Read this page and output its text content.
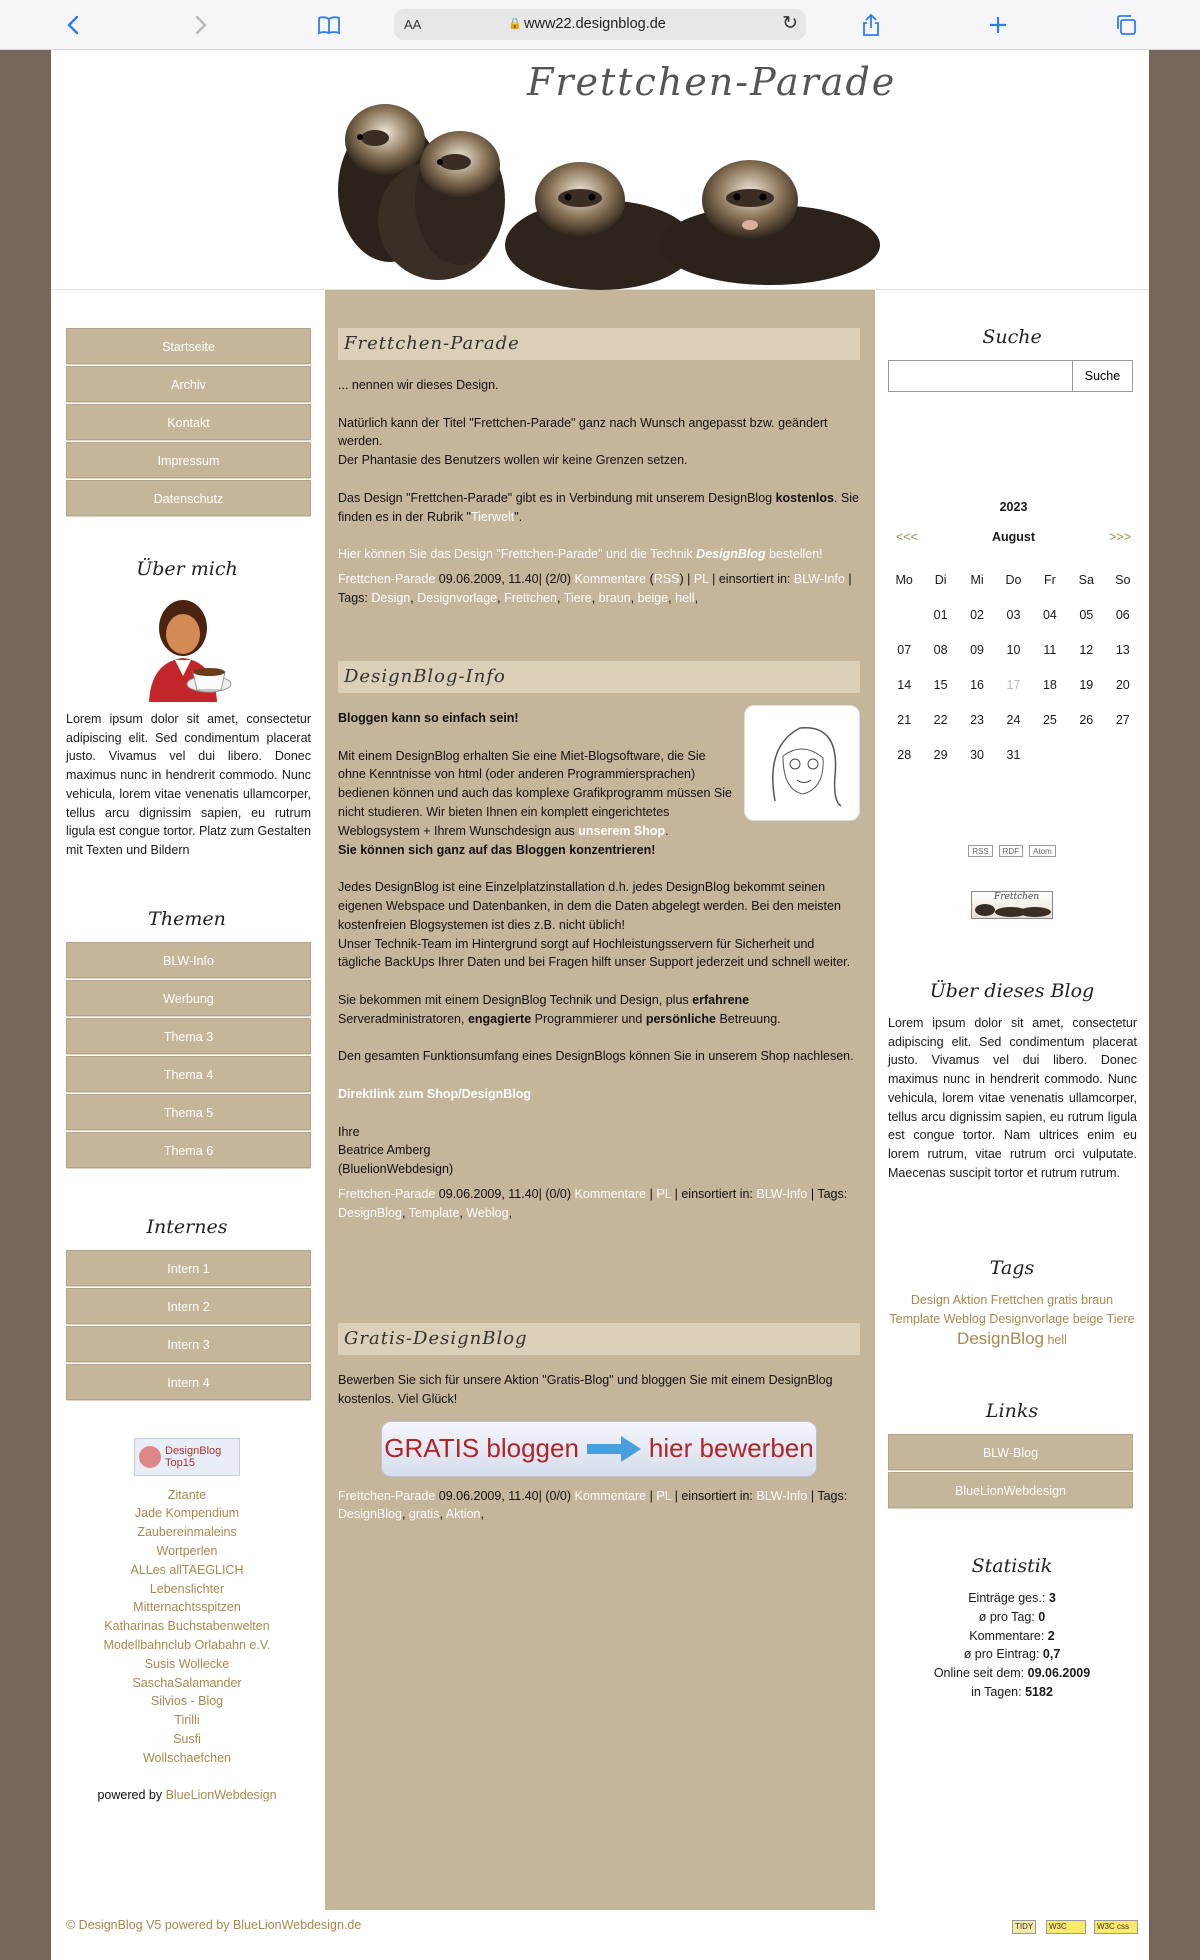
AA	🔒 www22.designblog.de	↻
Frettchen-Parade
Startseite
Archiv
Kontakt
Impressum
Datenschutz
Über mich
Lorem ipsum dolor sit amet, consectetur adipiscing elit. Sed condimentum placerat justo. Vivamus vel dui libero. Donec maximus nunc in hendrerit commodo. Nunc vehicula, lorem vitae venenatis ullamcorper, tellus arcu dignissim sapien, eu rutrum ligula est congue tortor. Platz zum Gestalten mit Texten und Bildern
Themen
BLW-Info
Werbung
Thema 3
Thema 4
Thema 5
Thema 6
Internes
Intern 1
Intern 2
Intern 3
Intern 4
DesignBlog Top15
Zitante
Jade Kompendium
Zaubereinmaleins
Wortperlen
ALLes allTAEGLICH
Lebenslichter
Mitternachtsspitzen
Katharinas Buchstabenwelten
Modellbahnclub Orlabahn e.V.
Susis Wollecke
SaschaSalamander
Silvios - Blog
Tirilli
Susfi
Wollschaefchen
powered by BlueLionWebdesign
Frettchen-Parade

... nennen wir dieses Design.

Natürlich kann der Titel "Frettchen-Parade" ganz nach Wunsch angepasst bzw. geändert werden.
Der Phantasie des Benutzers wollen wir keine Grenzen setzen.

Das Design "Frettchen-Parade" gibt es in Verbindung mit unserem DesignBlog kostenlos. Sie finden es in der Rubrik "Tierwelt".

Hier können Sie das Design "Frettchen-Parade" und die Technik DesignBlog bestellen!
Frettchen-Parade 09.06.2009, 11.40| (2/0) Kommentare (RSS) | PL | einsortiert in: BLW-Info | Tags: Design, Designvorlage, Frettchen, Tiere, braun, beige, hell,
DesignBlog-Info

Bloggen kann so einfach sein!

Mit einem DesignBlog erhalten Sie eine Miet-Blogsoftware, die Sie ohne Kenntnisse von html (oder anderen Programmiersprachen) bedienen können und auch das komplexe Grafikprogramm müssen Sie nicht studieren. Wir bieten Ihnen ein komplett eingerichtetes Weblogsystem + Ihrem Wunschdesign aus unserem Shop.
Sie können sich ganz auf das Bloggen konzentrieren!

Jedes DesignBlog ist eine Einzelplatzinstallation d.h. jedes DesignBlog bekommt seinen eigenen Webspace und Datenbanken, in dem die Daten abgelegt werden. Bei den meisten kostenfreien Blogsystemen ist dies z.B. nicht üblich!
Unser Technik-Team im Hintergrund sorgt auf Hochleistungsservern für Sicherheit und tägliche BackUps Ihrer Daten und bei Fragen hilft unser Support jederzeit und schnell weiter.

Sie bekommen mit einem DesignBlog Technik und Design, plus erfahrene Serveradministratoren, engagierte Programmierer und persönliche Betreuung.

Den gesamten Funktionsumfang eines DesignBlogs können Sie in unserem Shop nachlesen.

Direktlink zum Shop/DesignBlog

Ihre
Beatrice Amberg
(BluelionWebdesign)
Frettchen-Parade 09.06.2009, 11.40| (0/0) Kommentare | PL | einsortiert in: BLW-Info | Tags: DesignBlog, Template, Weblog,
Gratis-DesignBlog

Bewerben Sie sich für unsere Aktion "Gratis-Blog" und bloggen Sie mit einem DesignBlog kostenlos. Viel Glück!

GRATIS bloggen	hier bewerben
Frettchen-Parade 09.06.2009, 11.40| (0/0) Kommentare | PL | einsortiert in: BLW-Info | Tags: DesignBlog, gratis, Aktion,
Suche
Suche
2023
<<<	August	>>>
Mo	Di	Mi	Do	Fr	Sa	So
	01	02	03	04	05	06
07	08	09	10	11	12	13
14	15	16	17	18	19	20
21	22	23	24	25	26	27
28	29	30	31			
RSS	RDF	Atom
Frettchen
Über dieses Blog
Lorem ipsum dolor sit amet, consectetur adipiscing elit. Sed condimentum placerat justo. Vivamus vel dui libero. Donec maximus nunc in hendrerit commodo. Nunc vehicula, lorem vitae venenatis ullamcorper, tellus arcu dignissim sapien, eu rutrum ligula est congue tortor. Nam ultrices enim eu lorem rutrum, vitae rutrum orci vulputate. Maecenas suscipit tortor et rutrum rutrum.
Tags
Design Aktion Frettchen gratis braun
Template Weblog Designvorlage beige Tiere
DesignBlog hell
Links
BLW-Blog
BlueLionWebdesign
Statistik
Einträge ges.: 3
ø pro Tag: 0
Kommentare: 2
ø pro Eintrag: 0,7
Online seit dem: 09.06.2009
in Tagen: 5182
© DesignBlog V5 powered by BlueLionWebdesign.de	TIDY	W3C	W3C css
